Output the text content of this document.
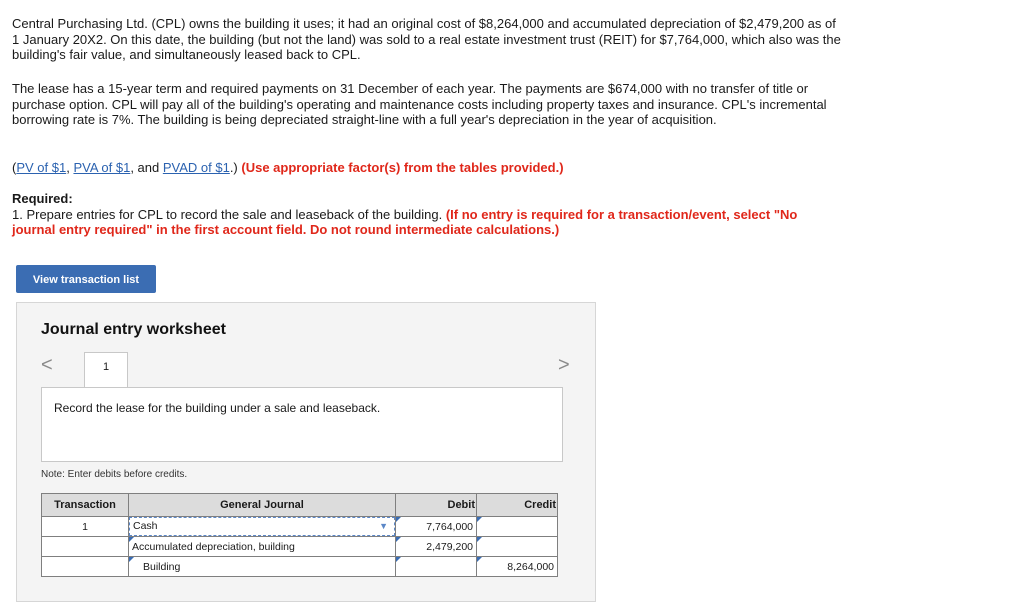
Central Purchasing Ltd. (CPL) owns the building it uses; it had an original cost of $8,264,000 and accumulated depreciation of $2,479,200 as of 1 January 20X2. On this date, the building (but not the land) was sold to a real estate investment trust (REIT) for $7,764,000, which also was the building's fair value, and simultaneously leased back to CPL.

The lease has a 15-year term and required payments on 31 December of each year. The payments are $674,000 with no transfer of title or purchase option. CPL will pay all of the building's operating and maintenance costs including property taxes and insurance. CPL's incremental borrowing rate is 7%. The building is being depreciated straight-line with a full year's depreciation in the year of acquisition.

(PV of $1, PVA of $1, and PVAD of $1.) (Use appropriate factor(s) from the tables provided.)

Required:
1. Prepare entries for CPL to record the sale and leaseback of the building. (If no entry is required for a transaction/event, select "No journal entry required" in the first account field. Do not round intermediate calculations.)
View transaction list
Journal entry worksheet
<	>
1
Record the lease for the building under a sale and leaseback.
Note: Enter debits before credits.
Transaction	General Journal	Debit	Credit
1	Cash ▼	7,764,000	

Accumulated depreciation, building	2,479,200	

Building		8,264,000
